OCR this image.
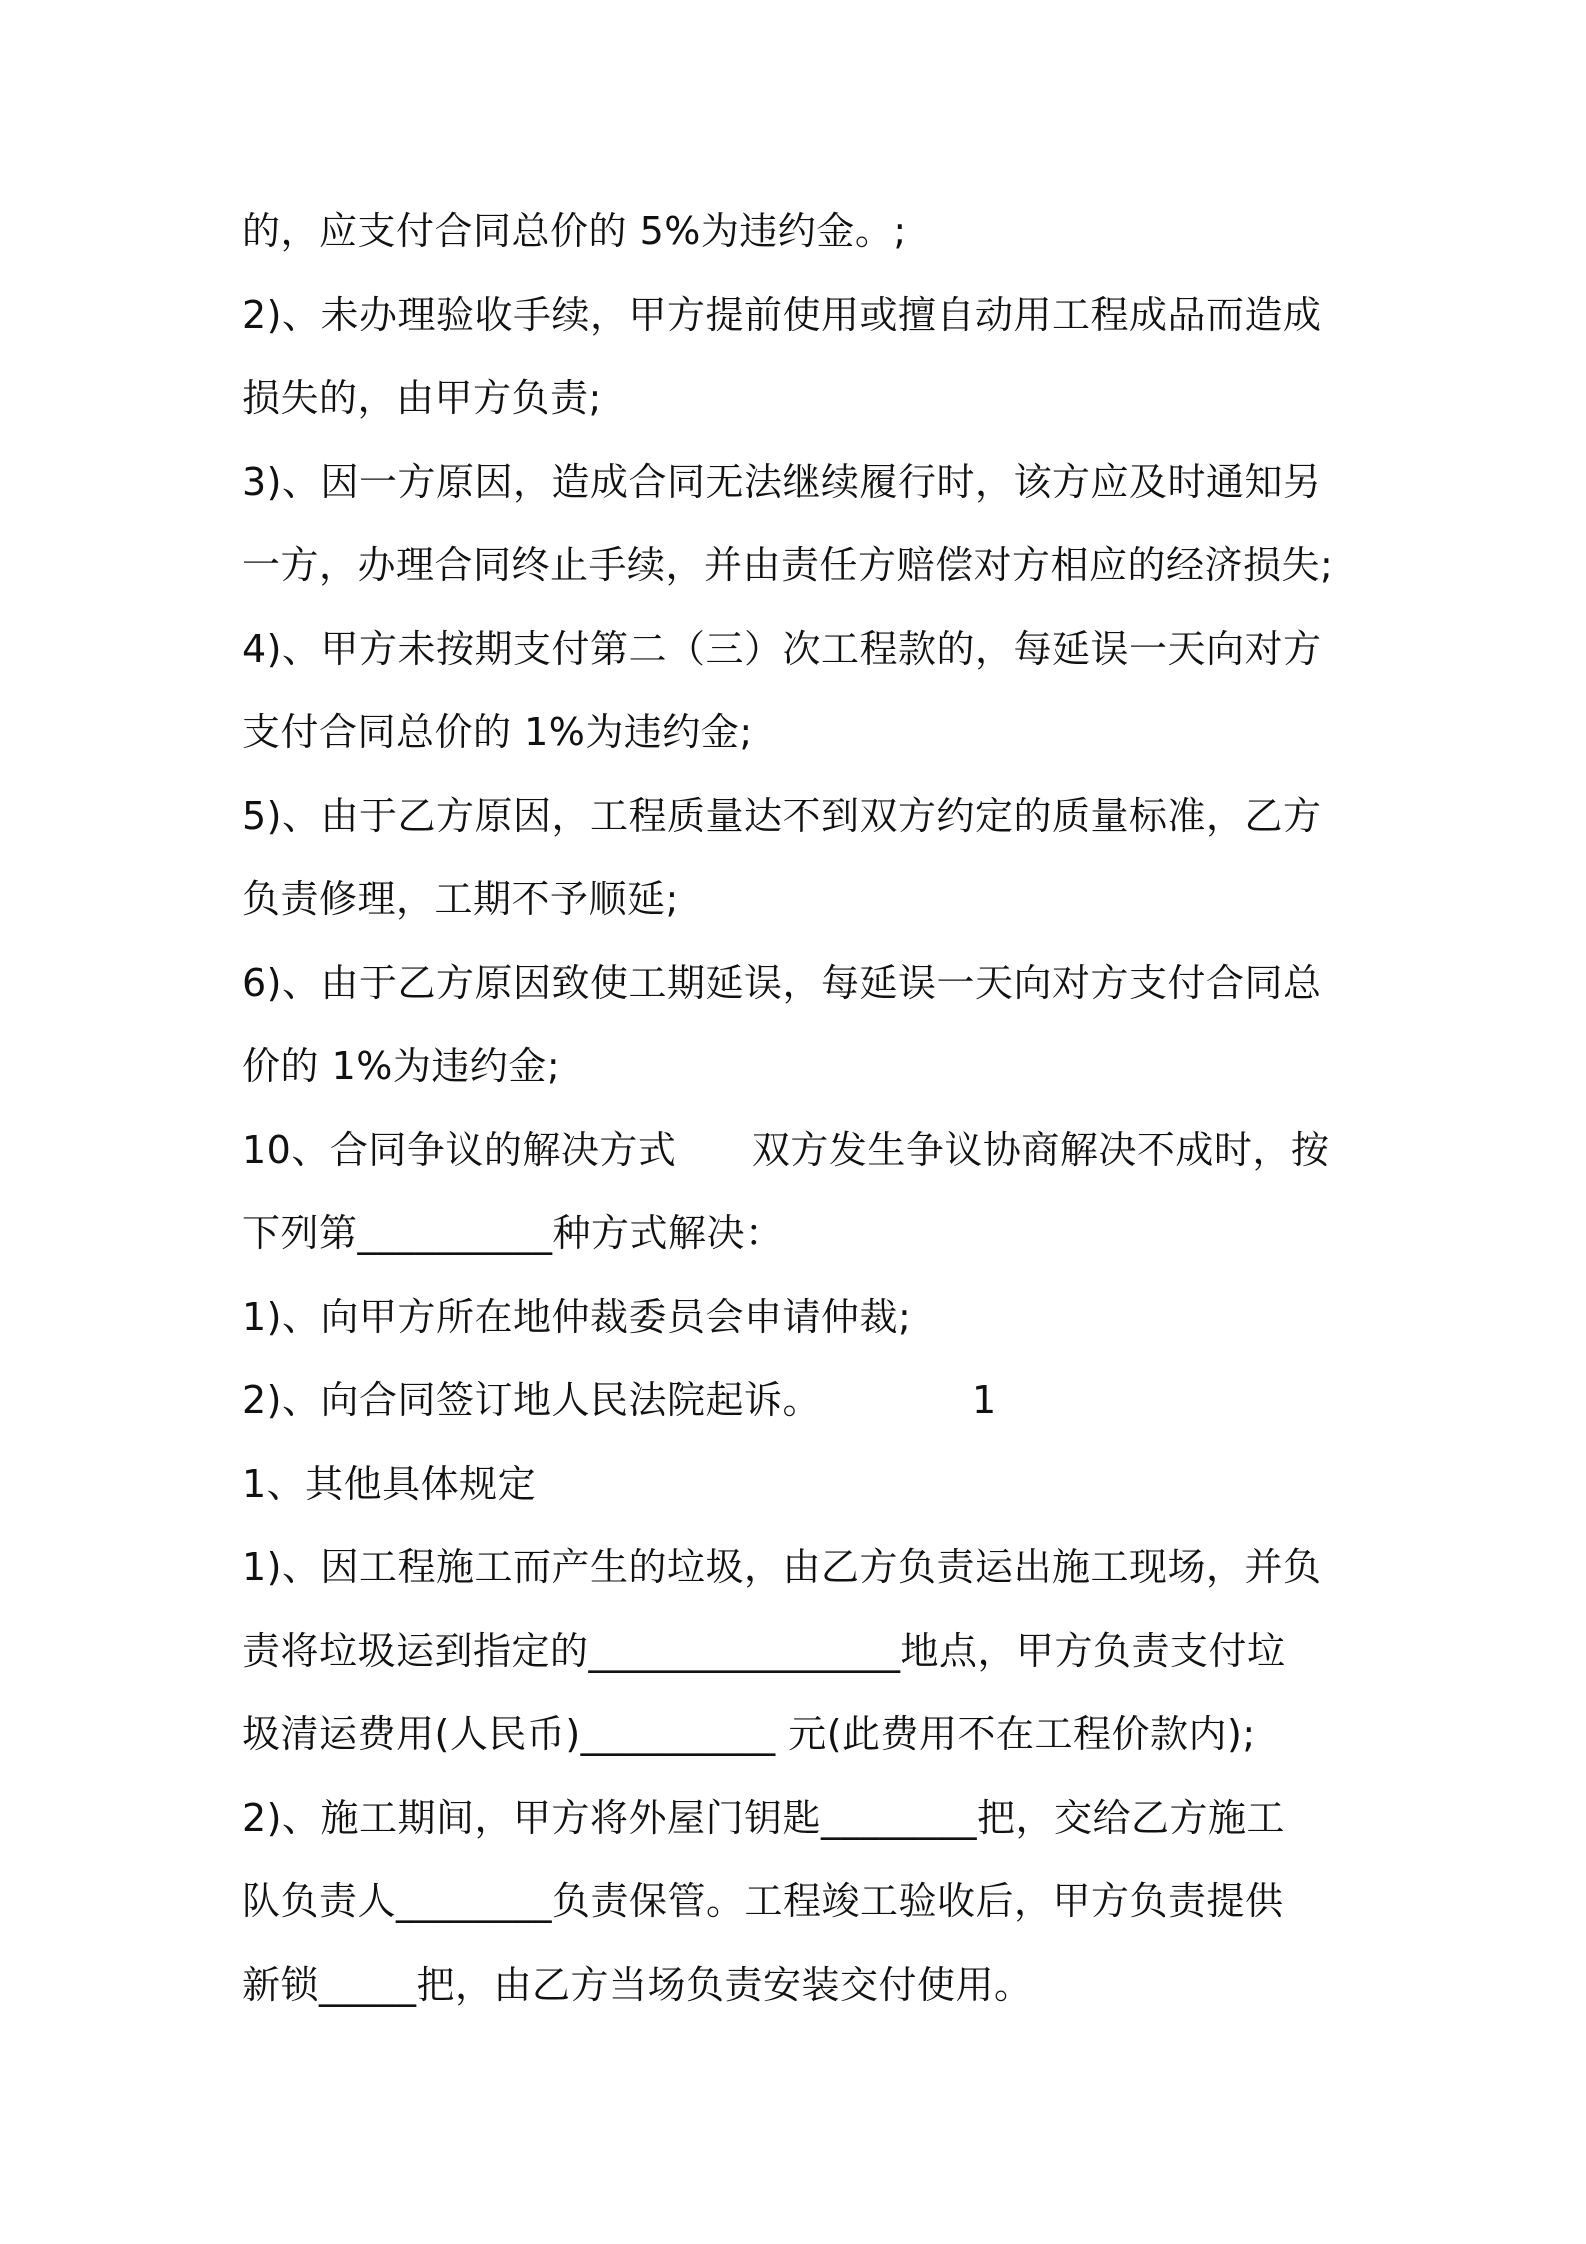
的，应支付合同总价的 5%为违约金。;
2)、未办理验收手续，甲方提前使用或擅自动用工程成品而造成
损失的，由甲方负责;
3)、因一方原因，造成合同无法继续履行时，该方应及时通知另
一方，办理合同终止手续，并由责任方赔偿对方相应的经济损失;
4)、甲方未按期支付第二（三）次工程款的，每延误一天向对方
支付合同总价的 1%为违约金;
5)、由于乙方原因，工程质量达不到双方约定的质量标准，乙方
负责修理，工期不予顺延;
6)、由于乙方原因致使工期延误，每延误一天向对方支付合同总
价的 1%为违约金;
10、合同争议的解决方式      双方发生争议协商解决不成时，按
下列第__________种方式解决：
1)、向甲方所在地仲裁委员会申请仲裁;
2)、向合同签订地人民法院起诉。            1
1、其他具体规定
1)、因工程施工而产生的垃圾，由乙方负责运出施工现场，并负
责将垃圾运到指定的________________地点，甲方负责支付垃
圾清运费用(人民币)__________ 元(此费用不在工程价款内);
2)、施工期间，甲方将外屋门钥匙________把，交给乙方施工
队负责人________负责保管。工程竣工验收后，甲方负责提供
新锁_____把，由乙方当场负责安装交付使用。
